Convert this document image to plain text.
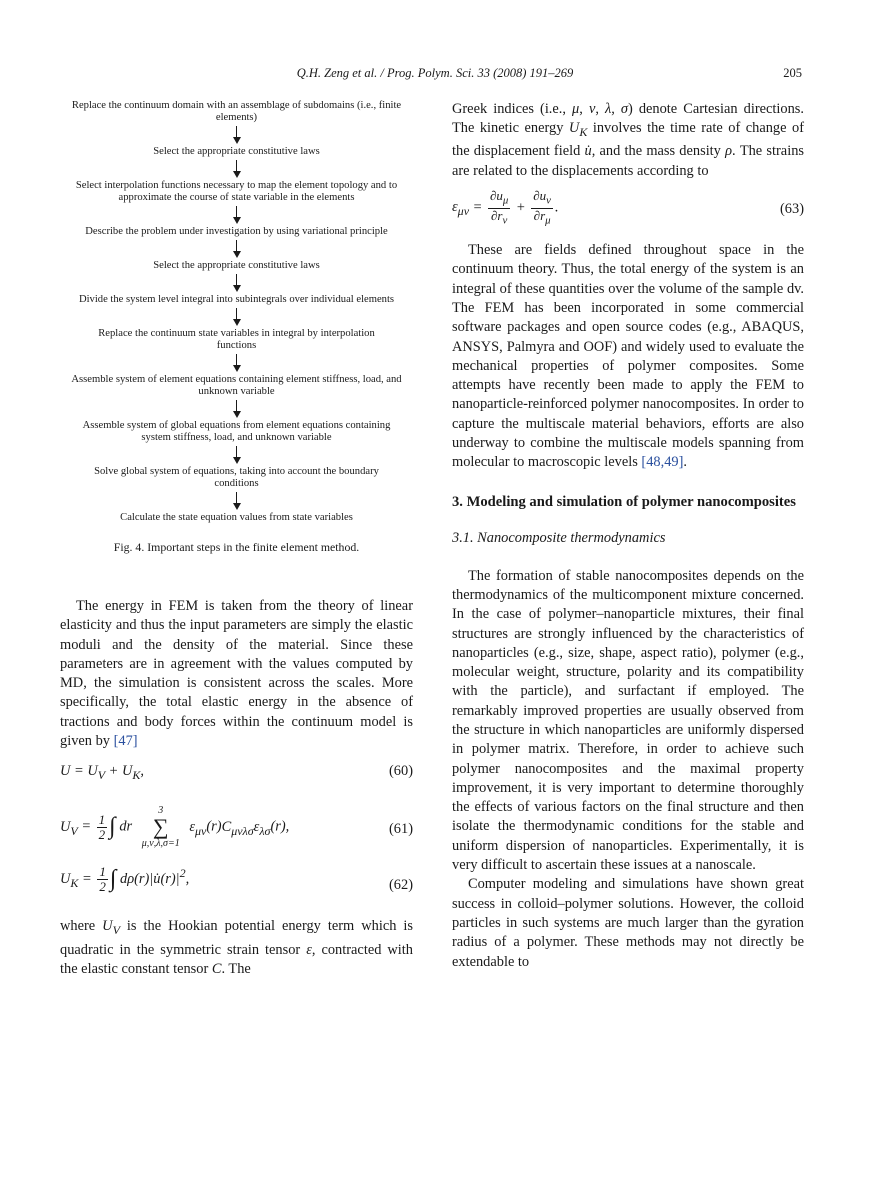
Q.H. Zeng et al. / Prog. Polym. Sci. 33 (2008) 191–269	205
Replace the continuum domain with an assemblage of subdomains (i.e., finite elements)
Select the appropriate constitutive laws
Select interpolation functions necessary to map the element topology and to approximate the course of state variable in the elements
Describe the problem under investigation by using variational principle
Select the appropriate constitutive laws
Divide the system level integral into subintegrals over individual elements
Replace the continuum state variables in integral by interpolation functions
Assemble system of element equations containing element stiffness, load, and unknown variable
Assemble system of global equations from element equations containing system stiffness, load, and unknown variable
Solve global system of equations, taking into account the boundary conditions
Calculate the state equation values from state variables
Fig. 4. Important steps in the finite element method.

The energy in FEM is taken from the theory of linear elasticity and thus the input parameters are simply the elastic moduli and the density of the material. Since these parameters are in agreement with the values computed by MD, the simulation is consistent across the scales. More specifically, the total elastic energy in the absence of tractions and body forces within the continuum model is given by [47]

$U = U_V + U_K$,	(60)
$U_V = \frac{1}{2}$ ∫ dr 3
∑
μ,ν,λ,σ=1 $\varepsilon_{\mu\nu}(r)C_{\mu\nu\lambda\sigma}\varepsilon_{\lambda\sigma}(r)$,	(61)
$U_K = \frac{1}{2}$ ∫ $d\rho(r)|u̇(r)|^2$,	(62)

where $U_V$ is the Hookian potential energy term which is quadratic in the symmetric strain tensor ε, contracted with the elastic constant tensor C. The

Greek indices (i.e., μ, ν, λ, σ) denote Cartesian directions. The kinetic energy $U_K$ involves the time rate of change of the displacement field u̇, and the mass density ρ. The strains are related to the displacements according to

$\varepsilon_{\mu\nu} = \frac{\partial u_\mu}{\partial r_\nu} + \frac{\partial u_\nu}{\partial r_\mu}$ .	(63)

These are fields defined throughout space in the continuum theory. Thus, the total energy of the system is an integral of these quantities over the volume of the sample dv. The FEM has been incorporated in some commercial software packages and open source codes (e.g., ABAQUS, ANSYS, Palmyra and OOF) and widely used to evaluate the mechanical properties of polymer composites. Some attempts have recently been made to apply the FEM to nanoparticle-reinforced polymer nanocomposites. In order to capture the multiscale material behaviors, efforts are also underway to combine the multiscale models spanning from molecular to macroscopic levels [48,49].

3. Modeling and simulation of polymer nanocomposites

3.1. Nanocomposite thermodynamics

The formation of stable nanocomposites depends on the thermodynamics of the multicomponent mixture concerned. In the case of polymer–nanoparticle mixtures, their final structures are strongly influenced by the characteristics of nanoparticles (e.g., size, shape, aspect ratio), polymer (e.g., molecular weight, structure, polarity and its compatibility with the particle), and surfactant if employed. The remarkably improved properties are usually observed from the structure in which nanoparticles are uniformly dispersed in polymer matrix. Therefore, in order to achieve such polymer nanocomposites and the maximal property improvement, it is very important to determine thoroughly the effects of various factors on the final structure and then isolate the thermodynamic conditions for the stable and uniform dispersion of nanoparticles. Experimentally, it is very difficult to ascertain these issues at a nanoscale.

Computer modeling and simulations have shown great success in colloid–polymer solutions. However, the colloid particles in such systems are much larger than the gyration radius of a polymer. These methods may not directly be extendable to
